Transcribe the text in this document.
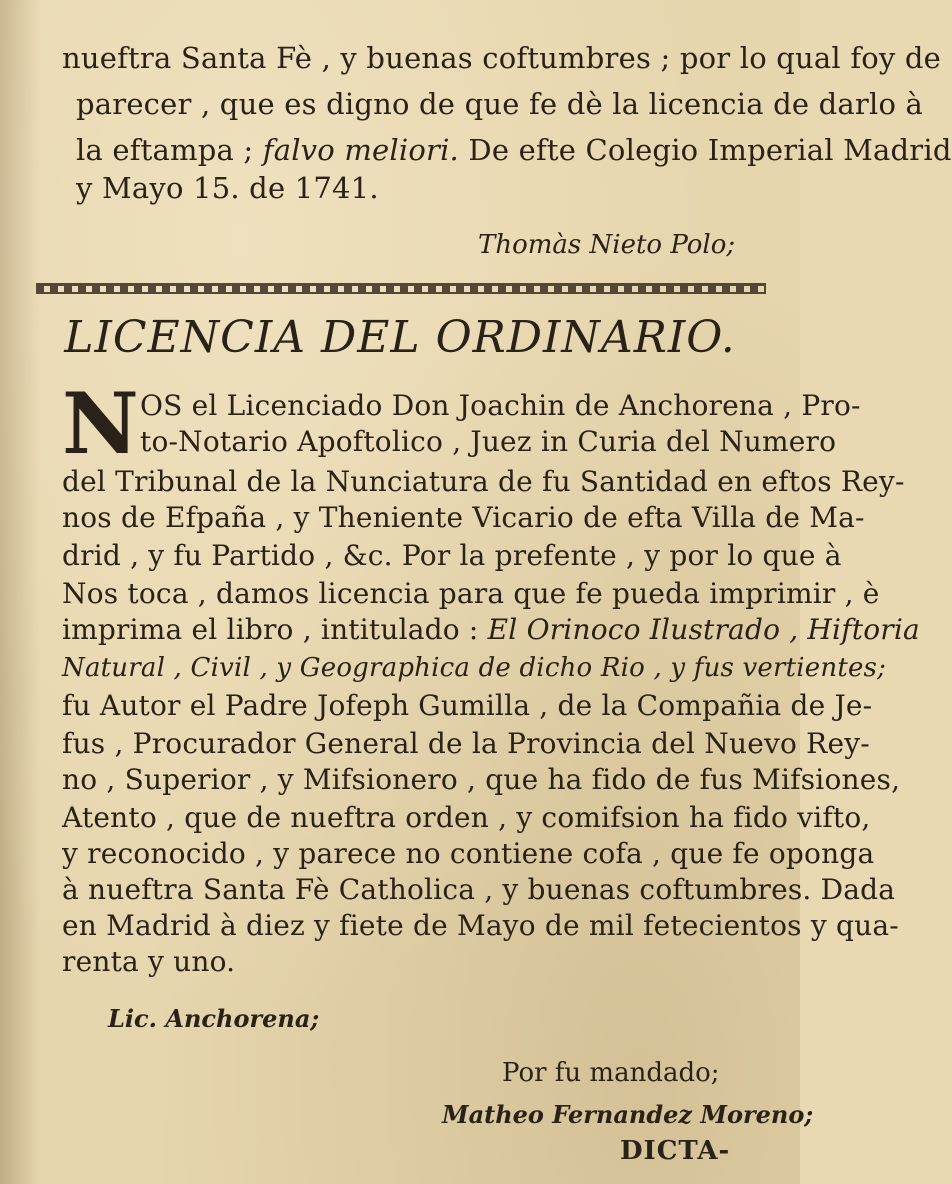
nueftra Santa Fè , y buenas coftumbres ; por lo qual foy de
parecer , que es digno de que fe dè la licencia de darlo à
la eftampa ; falvo meliori. De efte Colegio Imperial Madrid
y Mayo 15. de 1741.
Thomàs Nieto Polo;
LICENCIA DEL ORDINARIO.
N OS el Licenciado Don Joachin de Anchorena , Pro-
to-Notario Apoftolico , Juez in Curia del Numero
del Tribunal de la Nunciatura de fu Santidad en eftos Rey-
nos de Efpaña , y Theniente Vicario de efta Villa de Ma-
drid , y fu Partido , &c. Por la prefente , y por lo que à
Nos toca , damos licencia para que fe pueda imprimir , è
imprima el libro , intitulado : El Orinoco Ilustrado , Hiftoria
Natural , Civil , y Geographica de dicho Rio , y fus vertientes;
fu Autor el Padre Jofeph Gumilla , de la Compañia de Je-
fus , Procurador General de la Provincia del Nuevo Rey-
no , Superior , y Mifsionero , que ha fido de fus Mifsiones,
Atento , que de nueftra orden , y comifsion ha fido vifto,
y reconocido , y parece no contiene cofa , que fe oponga
à nueftra Santa Fè Catholica , y buenas coftumbres. Dada
en Madrid à diez y fiete de Mayo de mil fetecientos y qua-
renta y uno.
Lic. Anchorena;
Por fu mandado;
Matheo Fernandez Moreno;
DICTA-
